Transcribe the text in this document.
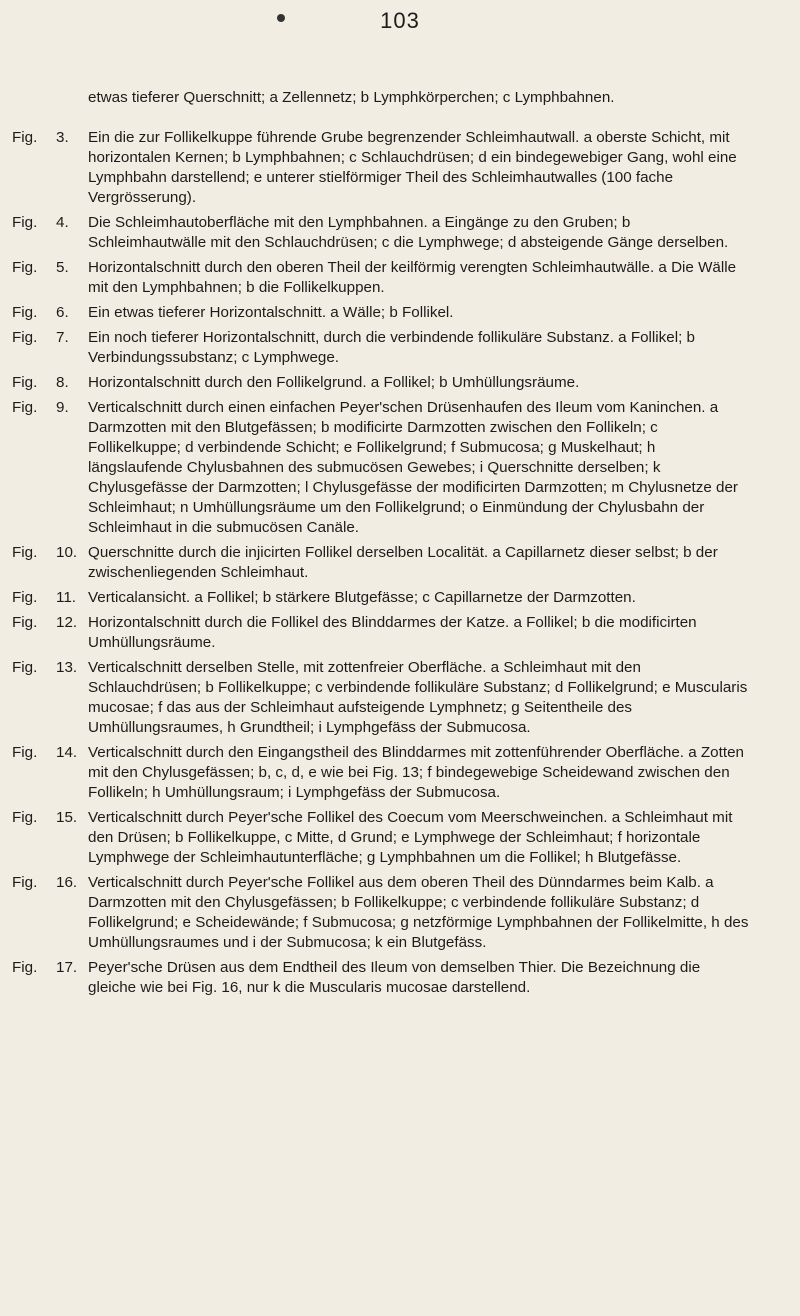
103
etwas tieferer Querschnitt; a Zellennetz; b Lymphkörperchen; c Lymphbahnen.
Fig. 3.	Ein die zur Follikelkuppe führende Grube begrenzender Schleimhautwall. a oberste Schicht, mit horizontalen Kernen; b Lymphbahnen; c Schlauchdrüsen; d ein bindegewebiger Gang, wohl eine Lymphbahn darstellend; e unterer stielförmiger Theil des Schleimhautwalles (100 fache Vergrösserung).
Fig. 4.	Die Schleimhautoberfläche mit den Lymphbahnen. a Eingänge zu den Gruben; b Schleimhautwälle mit den Schlauchdrüsen; c die Lymphwege; d absteigende Gänge derselben.
Fig. 5.	Horizontalschnitt durch den oberen Theil der keilförmig verengten Schleimhautwälle. a Die Wälle mit den Lymphbahnen; b die Follikelkuppen.
Fig. 6.	Ein etwas tieferer Horizontalschnitt. a Wälle; b Follikel.
Fig. 7.	Ein noch tieferer Horizontalschnitt, durch die verbindende follikuläre Substanz. a Follikel; b Verbindungssubstanz; c Lymphwege.
Fig. 8.	Horizontalschnitt durch den Follikelgrund. a Follikel; b Umhüllungsräume.
Fig. 9.	Verticalschnitt durch einen einfachen Peyer'schen Drüsenhaufen des Ileum vom Kaninchen. a Darmzotten mit den Blutgefässen; b modificirte Darmzotten zwischen den Follikeln; c Follikelkuppe; d verbindende Schicht; e Follikelgrund; f Submucosa; g Muskelhaut; h längslaufende Chylusbahnen des submucösen Gewebes; i Querschnitte derselben; k Chylusgefässe der Darmzotten; l Chylusgefässe der modificirten Darmzotten; m Chylusnetze der Schleimhaut; n Umhüllungsräume um den Follikelgrund; o Einmündung der Chylusbahn der Schleimhaut in die submucösen Canäle.
Fig. 10. Querschnitte durch die injicirten Follikel derselben Localität. a Capillarnetz dieser selbst; b der zwischenliegenden Schleimhaut.
Fig. 11. Verticalansicht. a Follikel; b stärkere Blutgefässe; c Capillarnetze der Darmzotten.
Fig. 12. Horizontalschnitt durch die Follikel des Blinddarmes der Katze. a Follikel; b die modificirten Umhüllungsräume.
Fig. 13. Verticalschnitt derselben Stelle, mit zottenfreier Oberfläche. a Schleimhaut mit den Schlauchdrüsen; b Follikelkuppe; c verbindende follikuläre Substanz; d Follikelgrund; e Muscularis mucosae; f das aus der Schleimhaut aufsteigende Lymphnetz; g Seitentheile des Umhüllungsraumes, h Grundtheil; i Lymphgefäss der Submucosa.
Fig. 14. Verticalschnitt durch den Eingangstheil des Blinddarmes mit zottenführender Oberfläche. a Zotten mit den Chylusgefässen; b, c, d, e wie bei Fig. 13; f bindegewebige Scheidewand zwischen den Follikeln; h Umhüllungsraum; i Lymphgefäss der Submucosa.
Fig. 15. Verticalschnitt durch Peyer'sche Follikel des Coecum vom Meerschweinchen. a Schleimhaut mit den Drüsen; b Follikelkuppe, c Mitte, d Grund; e Lymphwege der Schleimhaut; f horizontale Lymphwege der Schleimhautunterfläche; g Lymphbahnen um die Follikel; h Blutgefässe.
Fig. 16. Verticalschnitt durch Peyer'sche Follikel aus dem oberen Theil des Dünndarmes beim Kalb. a Darmzotten mit den Chylusgefässen; b Follikelkuppe; c verbindende follikuläre Substanz; d Follikelgrund; e Scheidewände; f Submucosa; g netzförmige Lymphbahnen der Follikelmitte, h des Umhüllungsraumes und i der Submucosa; k ein Blutgefäss.
Fig. 17. Peyer'sche Drüsen aus dem Endtheil des Ileum von demselben Thier. Die Bezeichnung die gleiche wie bei Fig. 16, nur k die Muscularis mucosae darstellend.
